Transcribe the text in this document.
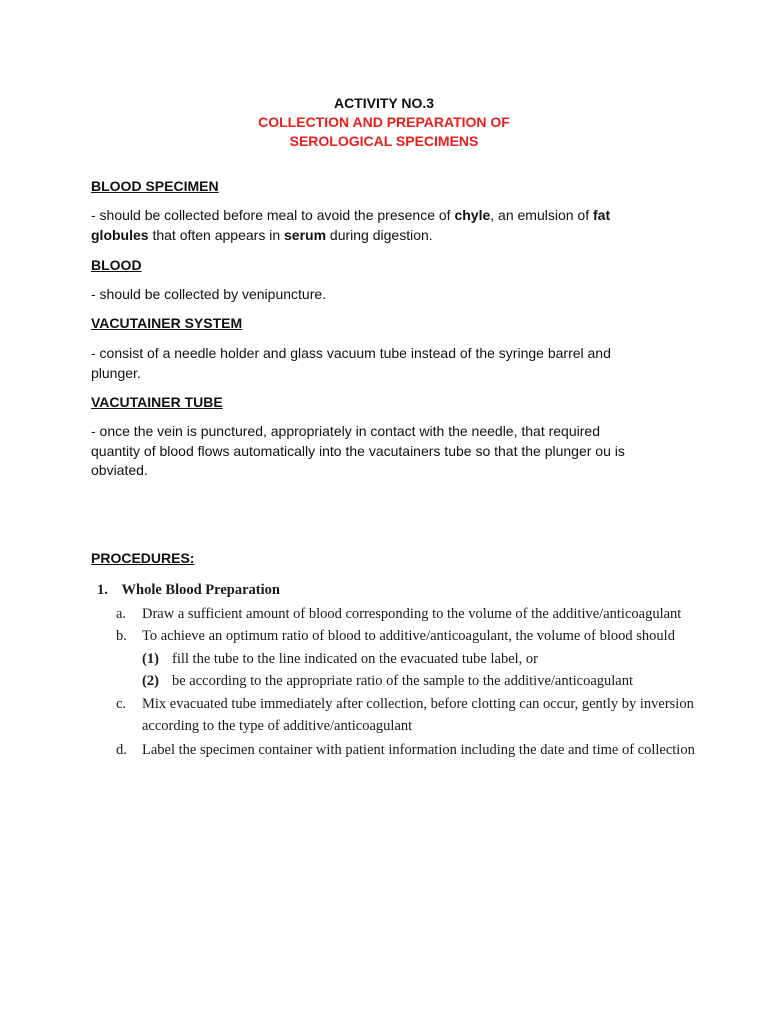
ACTIVITY NO.3
COLLECTION AND PREPARATION OF
SEROLOGICAL SPECIMENS
BLOOD SPECIMEN
- should be collected before meal to avoid the presence of chyle, an emulsion of fat
globules that often appears in serum during digestion.
BLOOD
- should be collected by venipuncture.
VACUTAINER SYSTEM
- consist of a needle holder and glass vacuum tube instead of the syringe barrel and
plunger.
VACUTAINER TUBE
- once the vein is punctured, appropriately in contact with the needle, that required
quantity of blood flows automatically into the vacutainers tube so that the plunger ou is
obviated.
PROCEDURES:
1. Whole Blood Preparation
a. Draw a sufficient amount of blood corresponding to the volume of the additive/anticoagulant
b. To achieve an optimum ratio of blood to additive/anticoagulant, the volume of blood should
(1) fill the tube to the line indicated on the evacuated tube label, or
(2) be according to the appropriate ratio of the sample to the additive/anticoagulant
c. Mix evacuated tube immediately after collection, before clotting can occur, gently by inversion
according to the type of additive/anticoagulant
d. Label the specimen container with patient information including the date and time of collection
